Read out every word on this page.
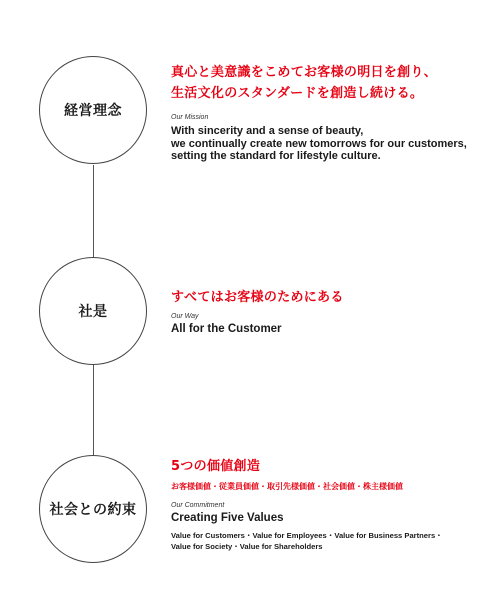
経営理念
社是
社会との約束
真心と美意識をこめてお客様の明日を創り、
生活文化のスタンダードを創造し続ける。
Our Mission
With sincerity and a sense of beauty,
we continually create new tomorrows for our customers,
setting the standard for lifestyle culture.
すべてはお客様のためにある
Our Way
All for the Customer
5つの価値創造
お客様価値・従業員価値・取引先様価値・社会価値・株主様価値
Our Commitment
Creating Five Values
Value for Customers・Value for Employees・Value for Business Partners・
Value for Society・Value for Shareholders
